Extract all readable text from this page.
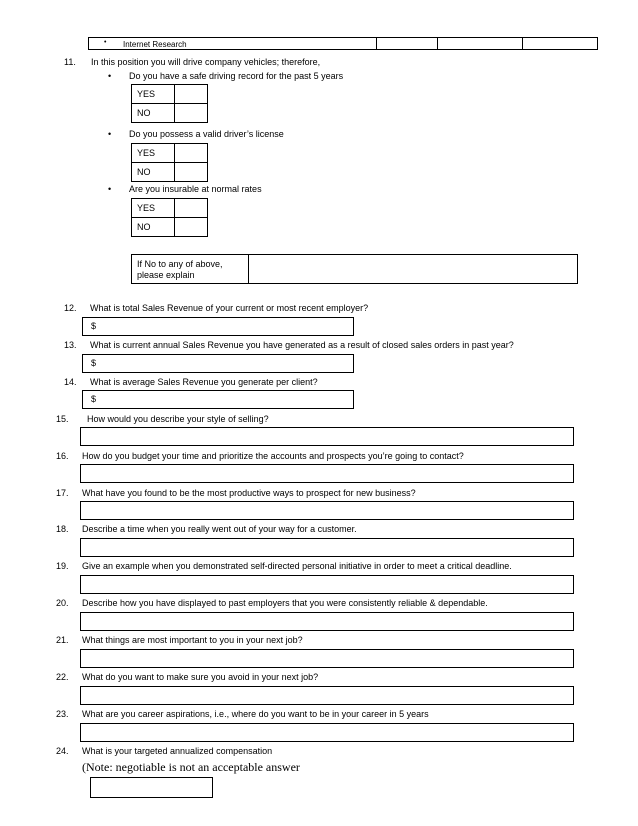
• Internet Research
11. In this position you will drive company vehicles; therefore,
• Do you have a safe driving record for the past 5 years
YES	
NO	
• Do you possess a valid driver’s license
YES	
NO	
• Are you insurable at normal rates
YES	
NO	
If No to any of above,
please explain
12. What is total Sales Revenue of your current or most recent employer?
$
13. What is current annual Sales Revenue you have generated as a result of closed sales orders in past year?
$
14. What is average Sales Revenue you generate per client?
$
15. How would you describe your style of selling?
16. How do you budget your time and prioritize the accounts and prospects you’re going to contact?
17. What have you found to be the most productive ways to prospect for new business?
18. Describe a time when you really went out of your way for a customer.
19. Give an example when you demonstrated self-directed personal initiative in order to meet a critical deadline.
20. Describe how you have displayed to past employers that you were consistently reliable & dependable.
21. What things are most important to you in your next job?
22. What do you want to make sure you avoid in your next job?
23. What are you career aspirations, i.e., where do you want to be in your career in 5 years
24. What is your targeted annualized compensation
(Note: negotiable is not an acceptable answer
